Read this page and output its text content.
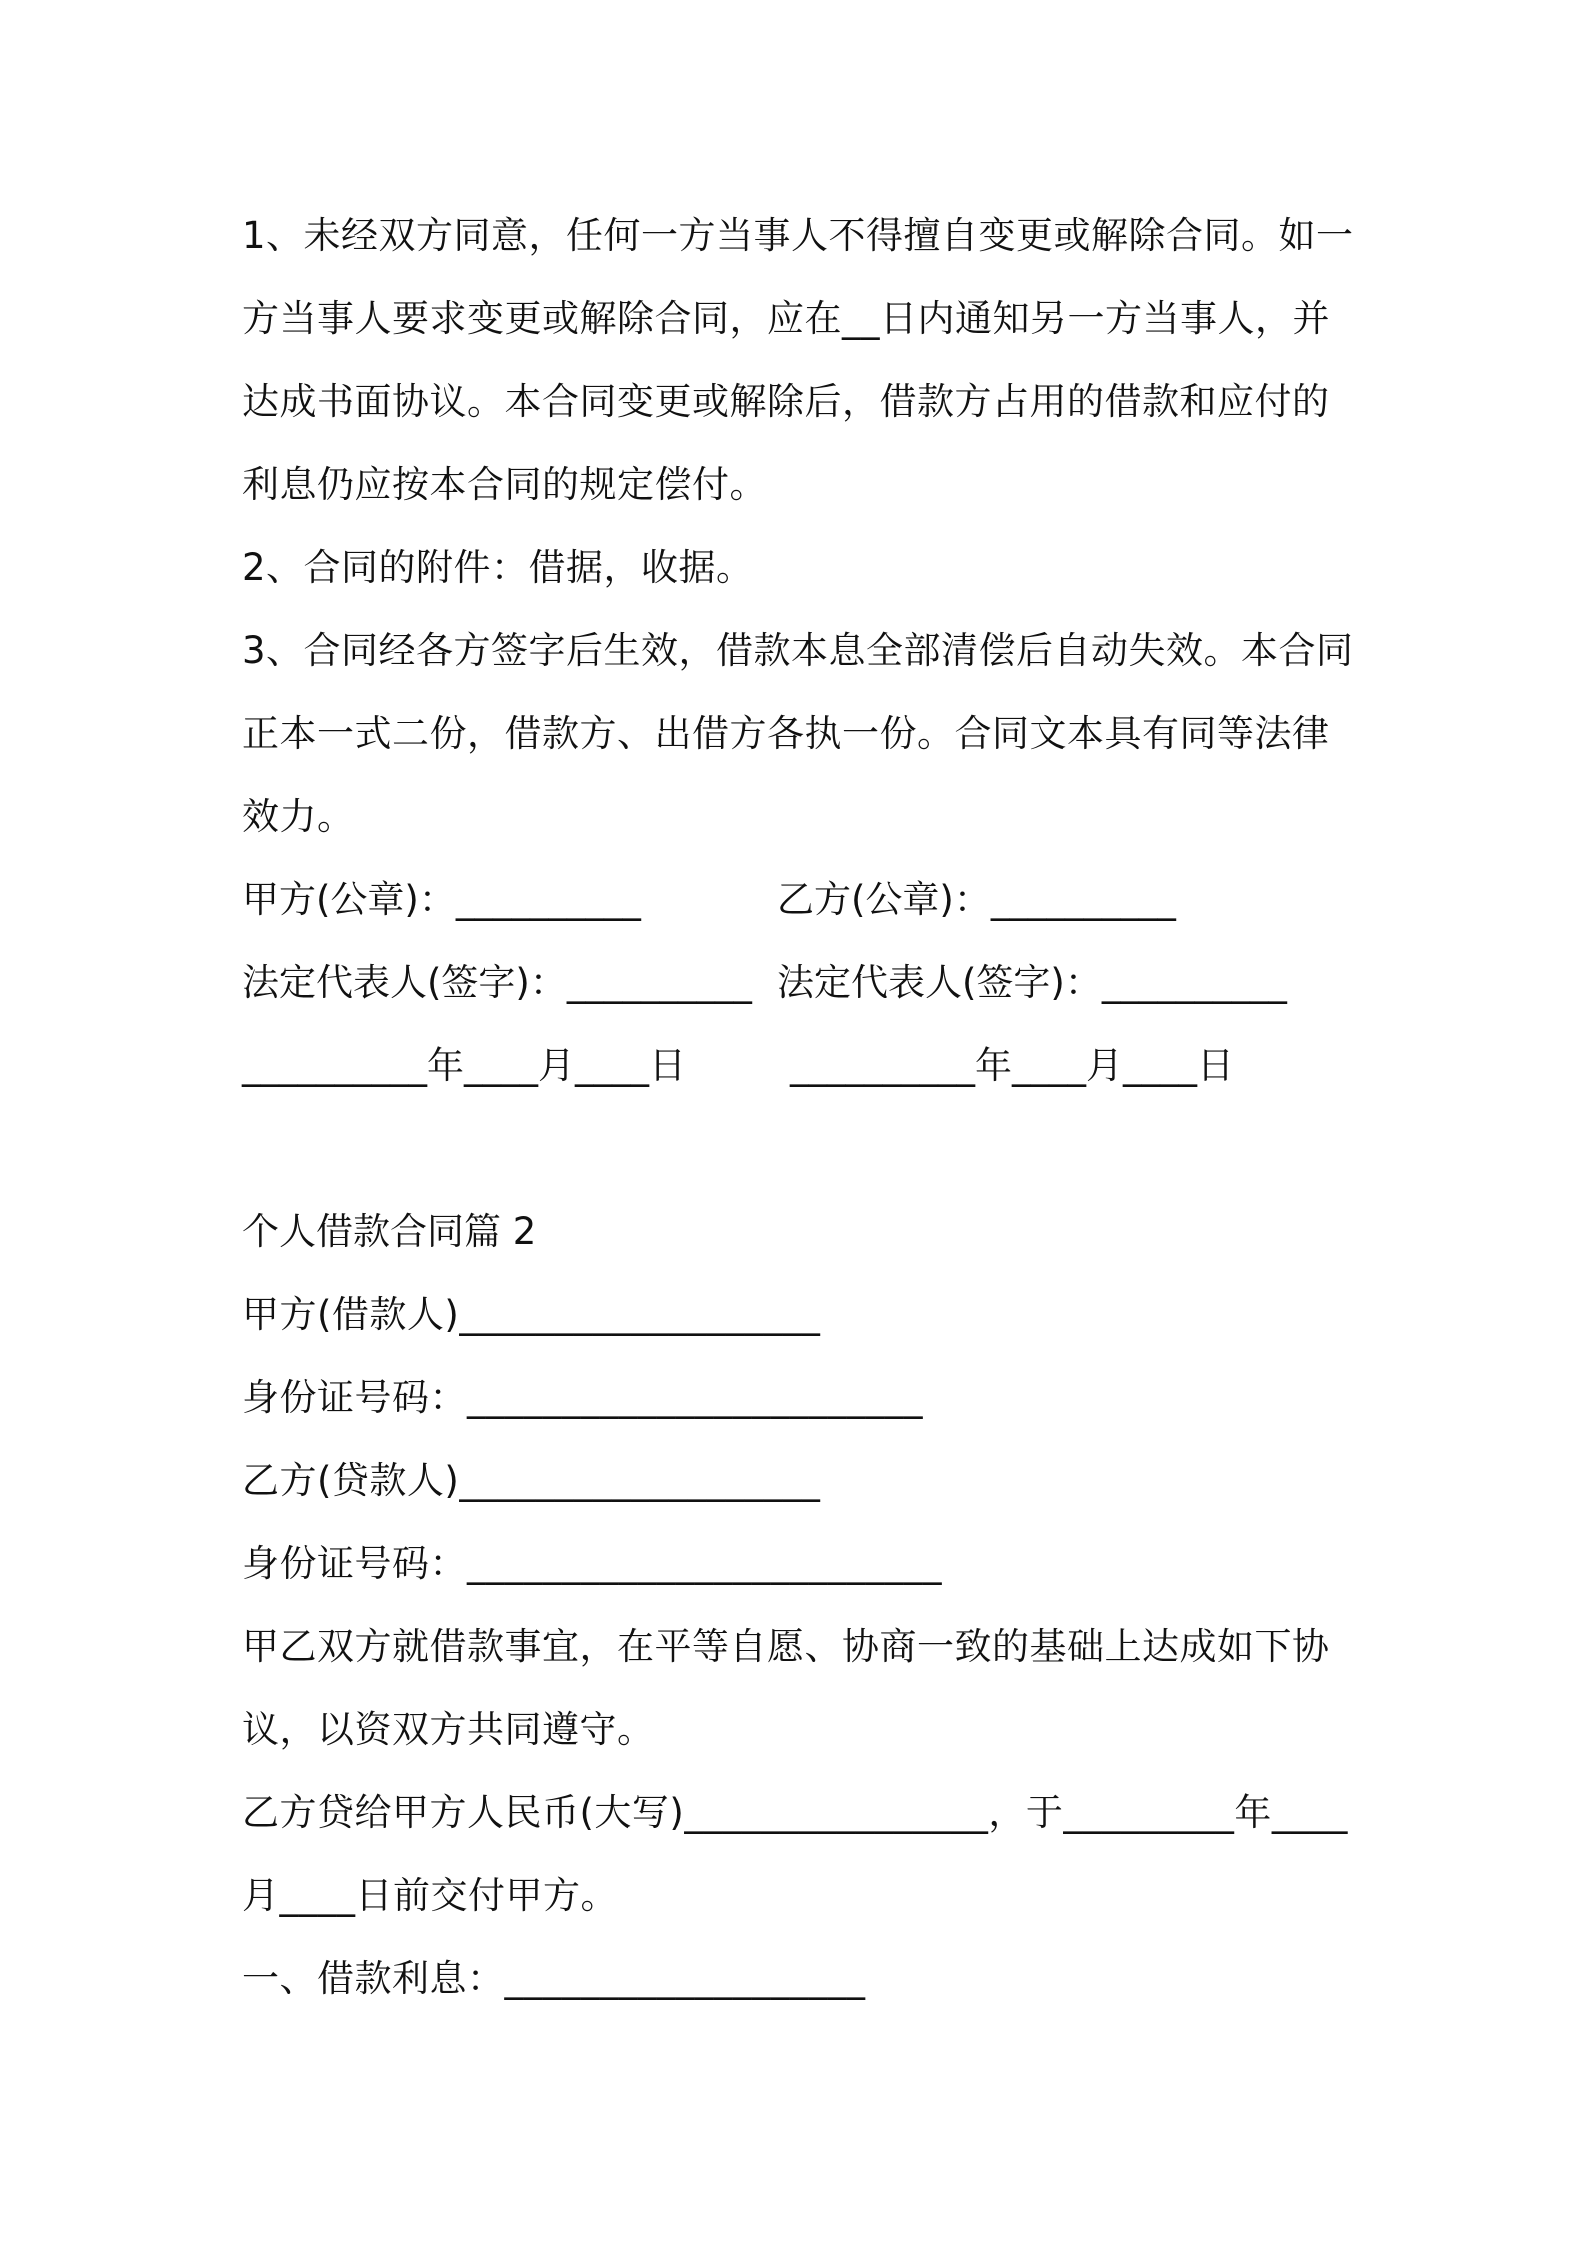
1、未经双方同意，任何一方当事人不得擅自变更或解除合同。如一方当事人要求变更或解除合同，应在__日内通知另一方当事人，并达成书面协议。本合同变更或解除后，借款方占用的借款和应付的利息仍应按本合同的规定偿付。

2、合同的附件：借据，收据。

3、合同经各方签字后生效，借款本息全部清偿后自动失效。本合同正本一式二份，借款方、出借方各执一份。合同文本具有同等法律效力。

甲方(公章)：__________	乙方(公章)：__________
法定代表人(签字)：__________ 法定代表人(签字)：__________
__________年____月____日	__________年____月____日

个人借款合同篇 2

甲方(借款人)___________________

身份证号码：________________________

乙方(贷款人)___________________

身份证号码：_________________________

甲乙双方就借款事宜，在平等自愿、协商一致的基础上达成如下协议，以资双方共同遵守。

乙方贷给甲方人民币(大写)________________，于_________年____月____日前交付甲方。

一、借款利息：___________________
